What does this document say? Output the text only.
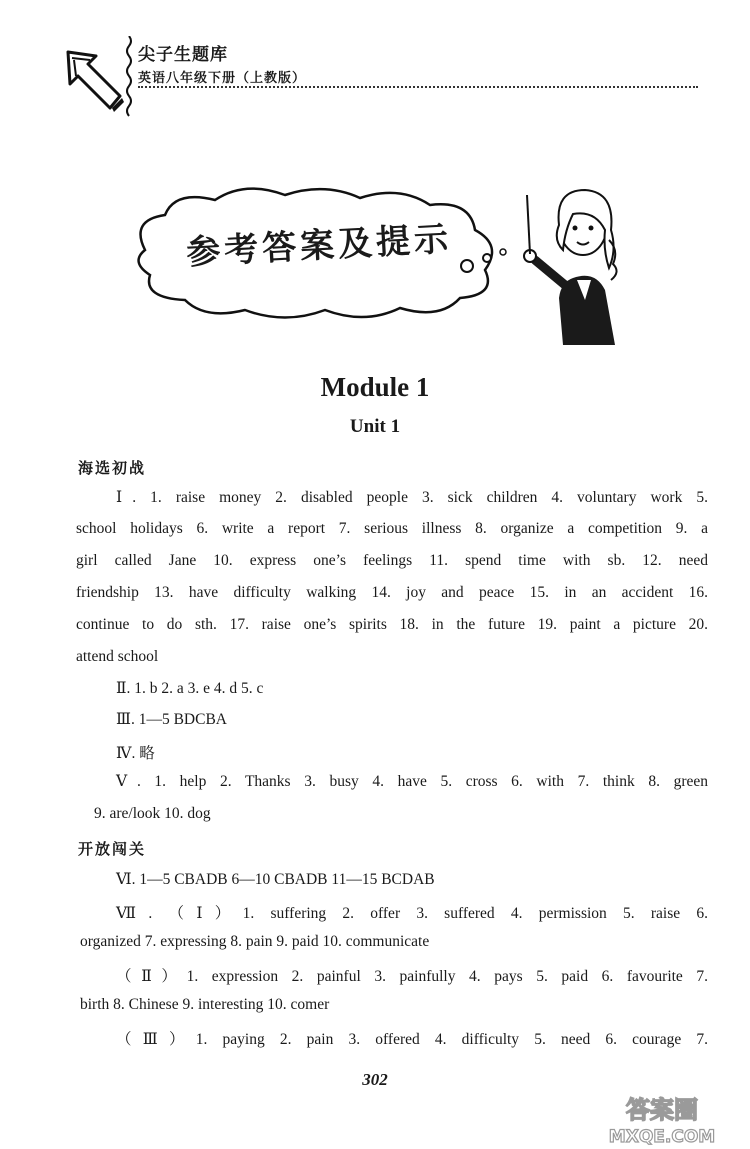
尖子生题库
英语八年级下册（上教版）
参考答案及提示
Module 1
Unit 1
海选初战
Ⅰ. 1. raise money 2. disabled people 3. sick children 4. voluntary work 5.
school holidays 6. write a report 7. serious illness 8. organize a competition 9. a
girl called Jane 10. express one’s feelings 11. spend time with sb. 12. need
friendship 13. have difficulty walking 14. joy and peace 15. in an accident 16.
continue to do sth. 17. raise one’s spirits 18. in the future 19. paint a picture 20.
attend school
Ⅱ. 1. b 2. a 3. e 4. d 5. c
Ⅲ. 1—5 BDCBA
Ⅳ. 略
Ⅴ. 1. help 2. Thanks 3. busy 4. have 5. cross 6. with 7. think 8. green
9. are/look 10. dog
开放闯关
Ⅵ. 1—5 CBADB 6—10 CBADB 11—15 BCDAB
Ⅶ. （Ⅰ）1. suffering 2. offer 3. suffered 4. permission 5. raise 6.
organized 7. expressing 8. pain 9. paid 10. communicate
（Ⅱ）1. expression 2. painful 3. painfully 4. pays 5. paid 6. favourite 7.
birth 8. Chinese 9. interesting 10. comer
（Ⅲ）1. paying 2. pain 3. offered 4. difficulty 5. need 6. courage 7.
302
答案圈
MXQE.COM
